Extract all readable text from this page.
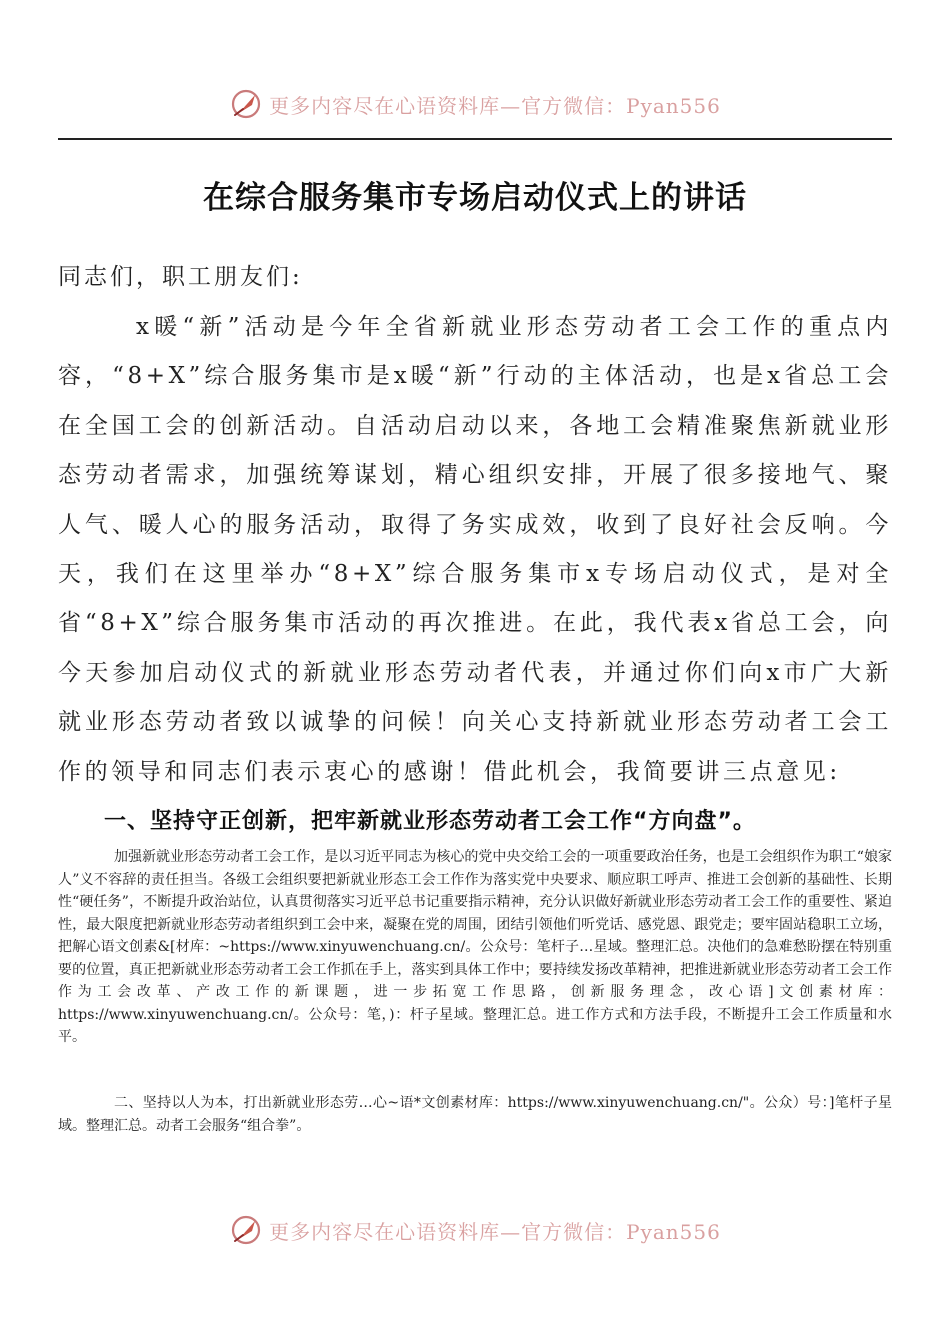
更多内容尽在心语资料库—官方微信：Pyan556
在综合服务集市专场启动仪式上的讲话
同志们，职工朋友们:

x暖“新”活动是今年全省新就业形态劳动者工会工作的重点内容，“8+X”综合服务集市是x暖“新”行动的主体活动，也是x省总工会在全国工会的创新活动。自活动启动以来，各地工会精准聚焦新就业形态劳动者需求，加强统筹谋划，精心组织安排，开展了很多接地气、聚人气、暖人心的服务活动，取得了务实成效，收到了良好社会反响。今天，我们在这里举办“8+X”综合服务集市x专场启动仪式，是对全省“8+X”综合服务集市活动的再次推进。在此，我代表x省总工会，向今天参加启动仪式的新就业形态劳动者代表，并通过你们向x市广大新就业形态劳动者致以诚挚的问候！向关心支持新就业形态劳动者工会工作的领导和同志们表示衷心的感谢！借此机会，我简要讲三点意见:

一、坚持守正创新，把牢新就业形态劳动者工会工作“方向盘”。

加强新就业形态劳动者工会工作，是以习近平同志为核心的党中央交给工会的一项重要政治任务，也是工会组织作为职工“娘家人”义不容辞的责任担当。各级工会组织要把新就业形态工会工作作为落实党中央要求、顺应职工呼声、推进工会创新的基础性、长期性“硬任务”，不断提升政治站位，认真贯彻落实习近平总书记重要指示精神，充分认识做好新就业形态劳动者工会工作的重要性、紧迫性，最大限度把新就业形态劳动者组织到工会中来，凝聚在党的周围，团结引领他们听党话、感党恩、跟党走；要牢固站稳职工立场，把解心语文创素&[材库：~https://www.xinyuwenchuang.cn/。公众号：笔杆子…星域。整理汇总。决他们的急难愁盼摆在特别重要的位置，真正把新就业形态劳动者工会工作抓在手上，落实到具体工作中；要持续发扬改革精神，把推进新就业形态劳动者工会工作作为工会改革、产改工作的新课题，进一步拓宽工作思路，创新服务理念，改心语]文创素材库：https://www.xinyuwenchuang.cn/。公众号：笔，)：杆子星域。整理汇总。进工作方式和方法手段，不断提升工会工作质量和水平。

二、坚持以人为本，打出新就业形态劳…心~语*文创素材库：https://www.xinyuwenchuang.cn/"。公众）号：]笔杆子星域。整理汇总。动者工会服务“组合拳”。

更多内容尽在心语资料库—官方微信：Pyan556
